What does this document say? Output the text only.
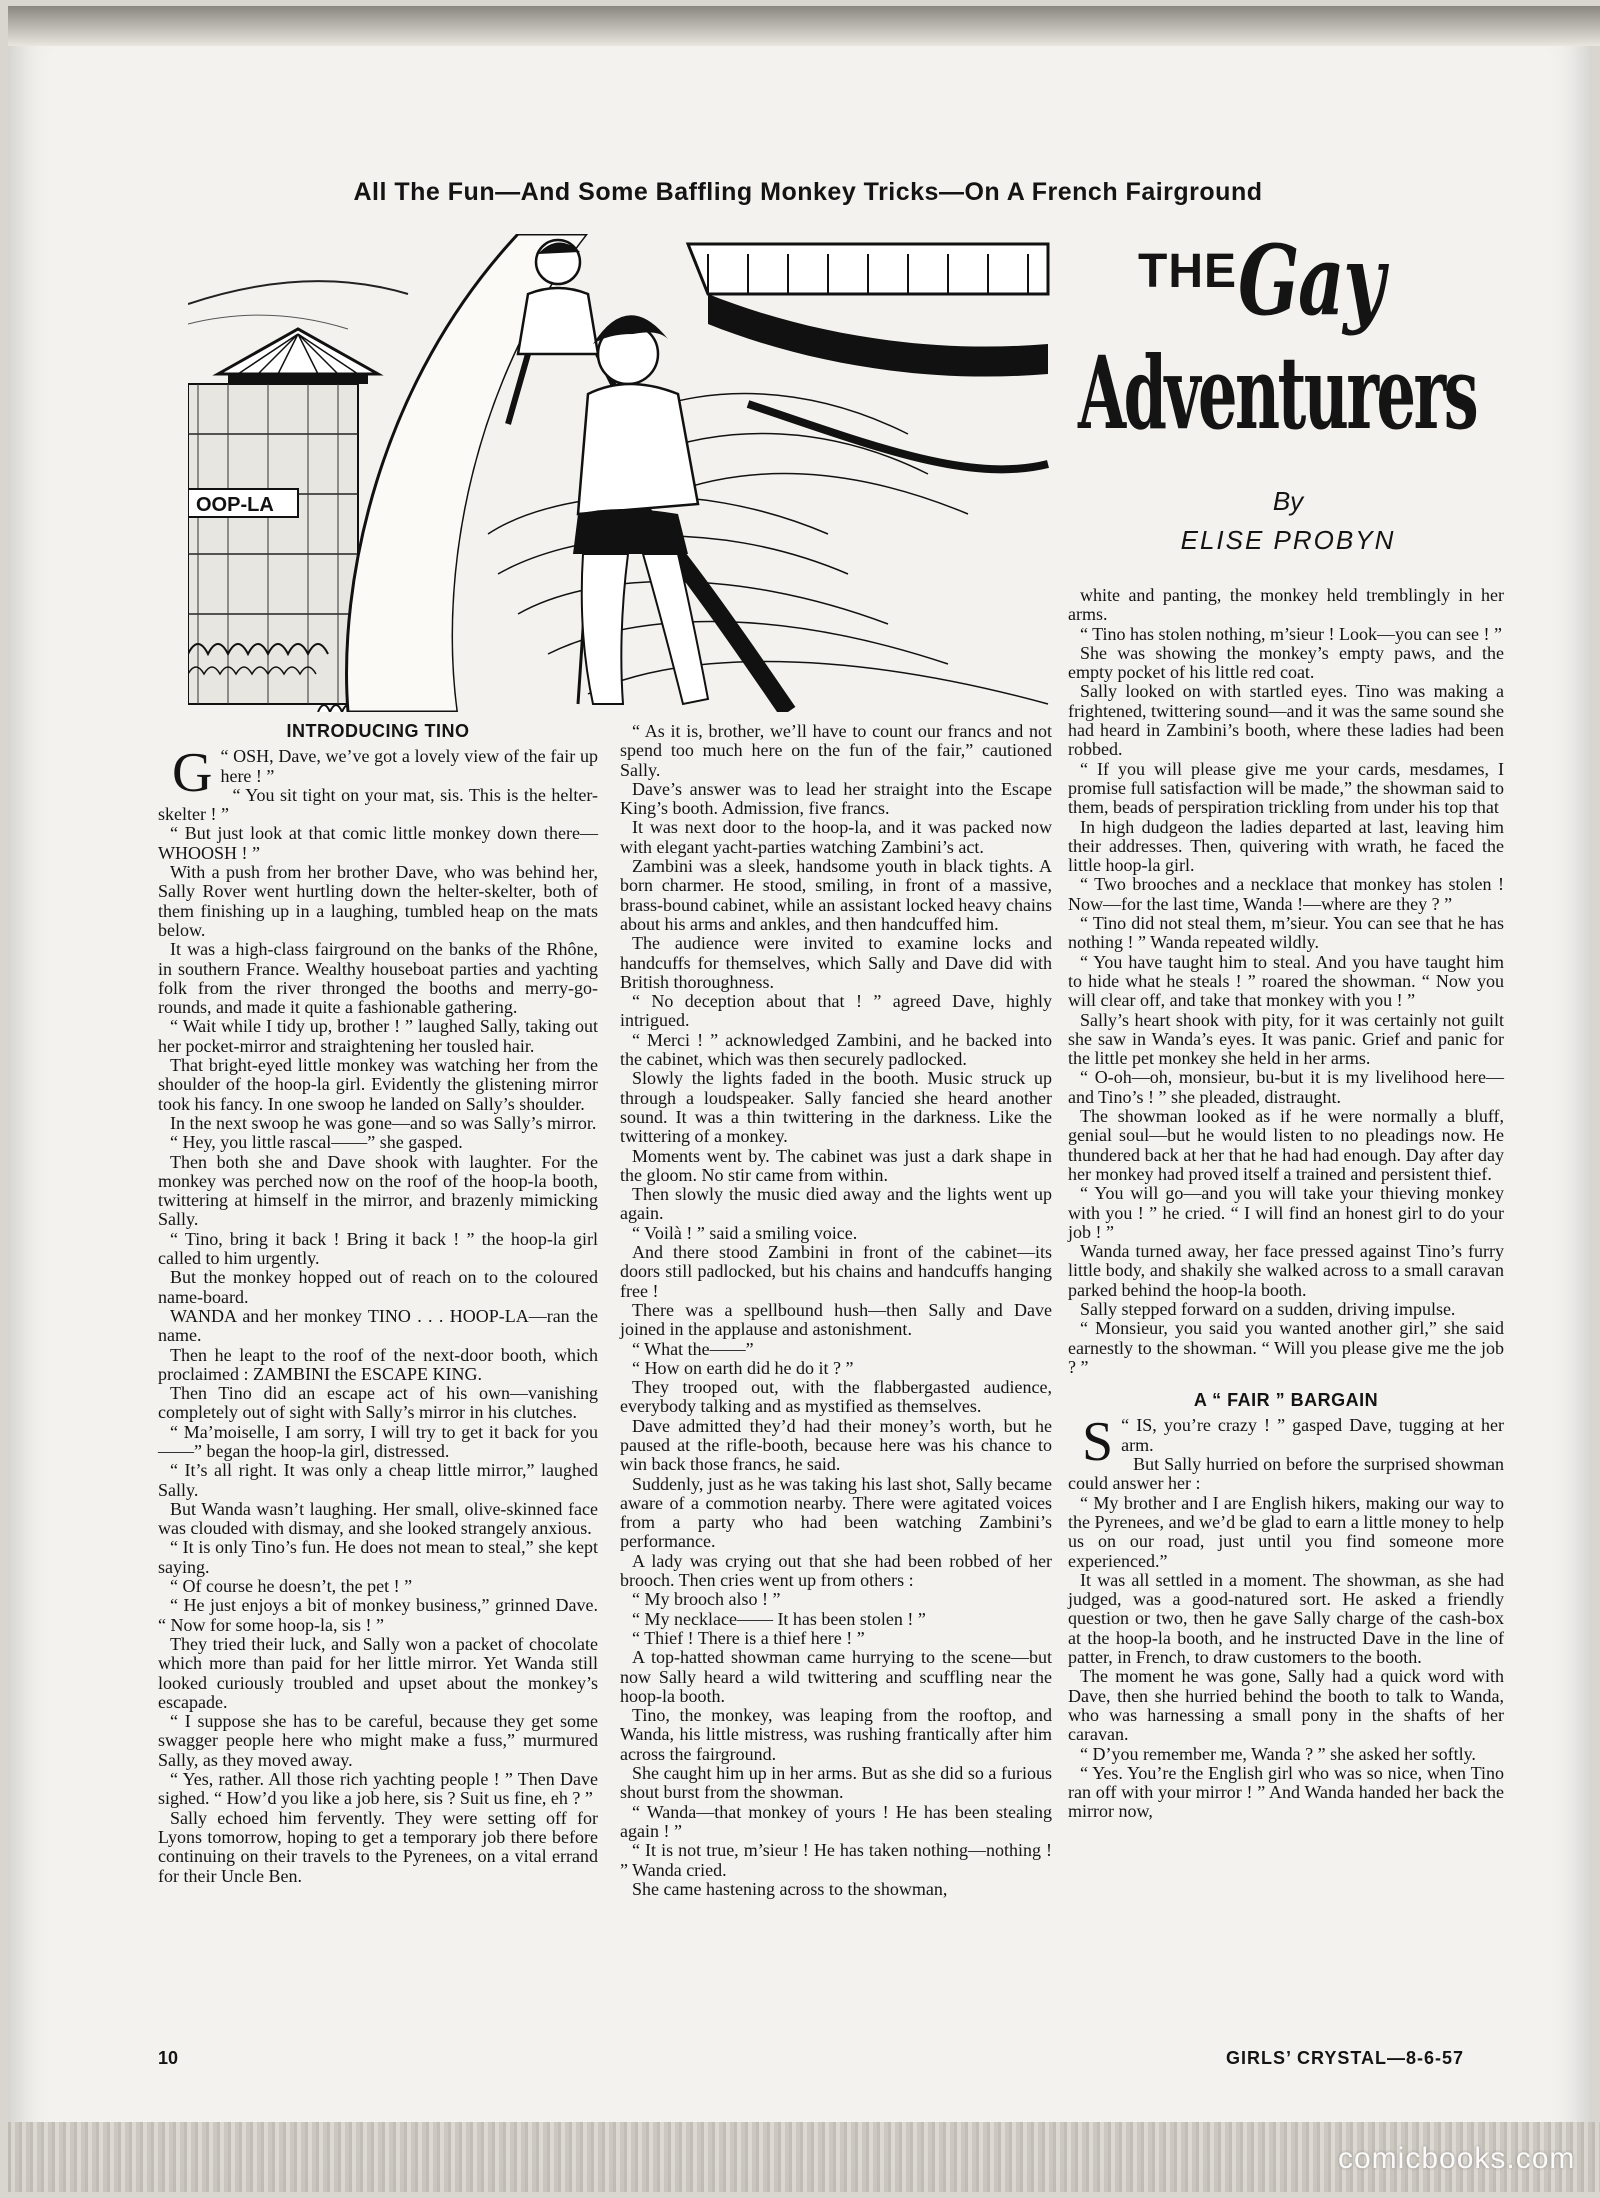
All The Fun—And Some Baffling Monkey Tricks—On A French Fairground
OOP-LA
THE Gay
Adventurers
By
ELISE PROBYN
INTRODUCING TINO
G “ OSH, Dave, we’ve got a lovely view of the fair up here ! ”

“ You sit tight on your mat, sis. This is the helter-skelter ! ”

“ But just look at that comic little monkey down there—WHOOSH ! ”

With a push from her brother Dave, who was behind her, Sally Rover went hurtling down the helter-skelter, both of them finishing up in a laughing, tumbled heap on the mats below.

It was a high-class fairground on the banks of the Rhône, in southern France. Wealthy houseboat parties and yachting folk from the river thronged the booths and merry-go-rounds, and made it quite a fashionable gathering.

“ Wait while I tidy up, brother ! ” laughed Sally, taking out her pocket-mirror and straightening her tousled hair.

That bright-eyed little monkey was watching her from the shoulder of the hoop-la girl. Evidently the glistening mirror took his fancy. In one swoop he landed on Sally’s shoulder.

In the next swoop he was gone—and so was Sally’s mirror.

“ Hey, you little rascal——” she gasped.

Then both she and Dave shook with laughter. For the monkey was perched now on the roof of the hoop-la booth, twittering at himself in the mirror, and brazenly mimicking Sally.

“ Tino, bring it back ! Bring it back ! ” the hoop-la girl called to him urgently.

But the monkey hopped out of reach on to the coloured name-board.

WANDA and her monkey TINO . . . HOOP-LA—ran the name.

Then he leapt to the roof of the next-door booth, which proclaimed : ZAMBINI the ESCAPE KING.

Then Tino did an escape act of his own—vanishing completely out of sight with Sally’s mirror in his clutches.

“ Ma’moiselle, I am sorry, I will try to get it back for you——” began the hoop-la girl, distressed.

“ It’s all right. It was only a cheap little mirror,” laughed Sally.

But Wanda wasn’t laughing. Her small, olive-skinned face was clouded with dismay, and she looked strangely anxious.

“ It is only Tino’s fun. He does not mean to steal,” she kept saying.

“ Of course he doesn’t, the pet ! ”

“ He just enjoys a bit of monkey business,” grinned Dave. “ Now for some hoop-la, sis ! ”

They tried their luck, and Sally won a packet of chocolate which more than paid for her little mirror. Yet Wanda still looked curiously troubled and upset about the monkey’s escapade.

“ I suppose she has to be careful, because they get some swagger people here who might make a fuss,” murmured Sally, as they moved away.

“ Yes, rather. All those rich yachting people ! ” Then Dave sighed. “ How’d you like a job here, sis ? Suit us fine, eh ? ”

Sally echoed him fervently. They were setting off for Lyons tomorrow, hoping to get a temporary job there before continuing on their travels to the Pyrenees, on a vital errand for their Uncle Ben.

“ As it is, brother, we’ll have to count our francs and not spend too much here on the fun of the fair,” cautioned Sally.

Dave’s answer was to lead her straight into the Escape King’s booth. Admission, five francs.

It was next door to the hoop-la, and it was packed now with elegant yacht-parties watching Zambini’s act.

Zambini was a sleek, handsome youth in black tights. A born charmer. He stood, smiling, in front of a massive, brass-bound cabinet, while an assistant locked heavy chains about his arms and ankles, and then handcuffed him.

The audience were invited to examine locks and handcuffs for themselves, which Sally and Dave did with British thoroughness.

“ No deception about that ! ” agreed Dave, highly intrigued.

“ Merci ! ” acknowledged Zambini, and he backed into the cabinet, which was then securely padlocked.

Slowly the lights faded in the booth. Music struck up through a loudspeaker. Sally fancied she heard another sound. It was a thin twittering in the darkness. Like the twittering of a monkey.

Moments went by. The cabinet was just a dark shape in the gloom. No stir came from within.

Then slowly the music died away and the lights went up again.

“ Voilà ! ” said a smiling voice.

And there stood Zambini in front of the cabinet—its doors still padlocked, but his chains and handcuffs hanging free !

There was a spellbound hush—then Sally and Dave joined in the applause and astonishment.

“ What the——”

“ How on earth did he do it ? ”

They trooped out, with the flabbergasted audience, everybody talking and as mystified as themselves.

Dave admitted they’d had their money’s worth, but he paused at the rifle-booth, because here was his chance to win back those francs, he said.

Suddenly, just as he was taking his last shot, Sally became aware of a commotion nearby. There were agitated voices from a party who had been watching Zambini’s performance.

A lady was crying out that she had been robbed of her brooch. Then cries went up from others :

“ My brooch also ! ”

“ My necklace—— It has been stolen ! ”

“ Thief ! There is a thief here ! ”

A top-hatted showman came hurrying to the scene—but now Sally heard a wild twittering and scuffling near the hoop-la booth.

Tino, the monkey, was leaping from the rooftop, and Wanda, his little mistress, was rushing frantically after him across the fairground.

She caught him up in her arms. But as she did so a furious shout burst from the showman.

“ Wanda—that monkey of yours ! He has been stealing again ! ”

“ It is not true, m’sieur ! He has taken nothing—nothing ! ” Wanda cried.

She came hastening across to the showman,

white and panting, the monkey held tremblingly in her arms.

“ Tino has stolen nothing, m’sieur ! Look—you can see ! ”

She was showing the monkey’s empty paws, and the empty pocket of his little red coat.

Sally looked on with startled eyes. Tino was making a frightened, twittering sound—and it was the same sound she had heard in Zambini’s booth, where these ladies had been robbed.

“ If you will please give me your cards, mesdames, I promise full satisfaction will be made,” the showman said to them, beads of perspiration trickling from under his top that

In high dudgeon the ladies departed at last, leaving him their addresses. Then, quivering with wrath, he faced the little hoop-la girl.

“ Two brooches and a necklace that monkey has stolen ! Now—for the last time, Wanda !—where are they ? ”

“ Tino did not steal them, m’sieur. You can see that he has nothing ! ” Wanda repeated wildly.

“ You have taught him to steal. And you have taught him to hide what he steals ! ” roared the showman. “ Now you will clear off, and take that monkey with you ! ”

Sally’s heart shook with pity, for it was certainly not guilt she saw in Wanda’s eyes. It was panic. Grief and panic for the little pet monkey she held in her arms.

“ O-oh—oh, monsieur, bu-but it is my livelihood here—and Tino’s ! ” she pleaded, distraught.

The showman looked as if he were normally a bluff, genial soul—but he would listen to no pleadings now. He thundered back at her that he had had enough. Day after day her monkey had proved itself a trained and persistent thief.

“ You will go—and you will take your thieving monkey with you ! ” he cried. “ I will find an honest girl to do your job ! ”

Wanda turned away, her face pressed against Tino’s furry little body, and shakily she walked across to a small caravan parked behind the hoop-la booth.

Sally stepped forward on a sudden, driving impulse.

“ Monsieur, you said you wanted another girl,” she said earnestly to the showman. “ Will you please give me the job ? ”

A “ FAIR ” BARGAIN
S “ IS, you’re crazy ! ” gasped Dave, tugging at her arm.

But Sally hurried on before the surprised showman could answer her :

“ My brother and I are English hikers, making our way to the Pyrenees, and we’d be glad to earn a little money to help us on our road, just until you find someone more experienced.”

It was all settled in a moment. The showman, as she had judged, was a good-natured sort. He asked a friendly question or two, then he gave Sally charge of the cash-box at the hoop-la booth, and he instructed Dave in the line of patter, in French, to draw customers to the booth.

The moment he was gone, Sally had a quick word with Dave, then she hurried behind the booth to talk to Wanda, who was harnessing a small pony in the shafts of her caravan.

“ D’you remember me, Wanda ? ” she asked her softly.

“ Yes. You’re the English girl who was so nice, when Tino ran off with your mirror ! ” And Wanda handed her back the mirror now,

10	GIRLS’ CRYSTAL—8-6-57
comicbooks.com
